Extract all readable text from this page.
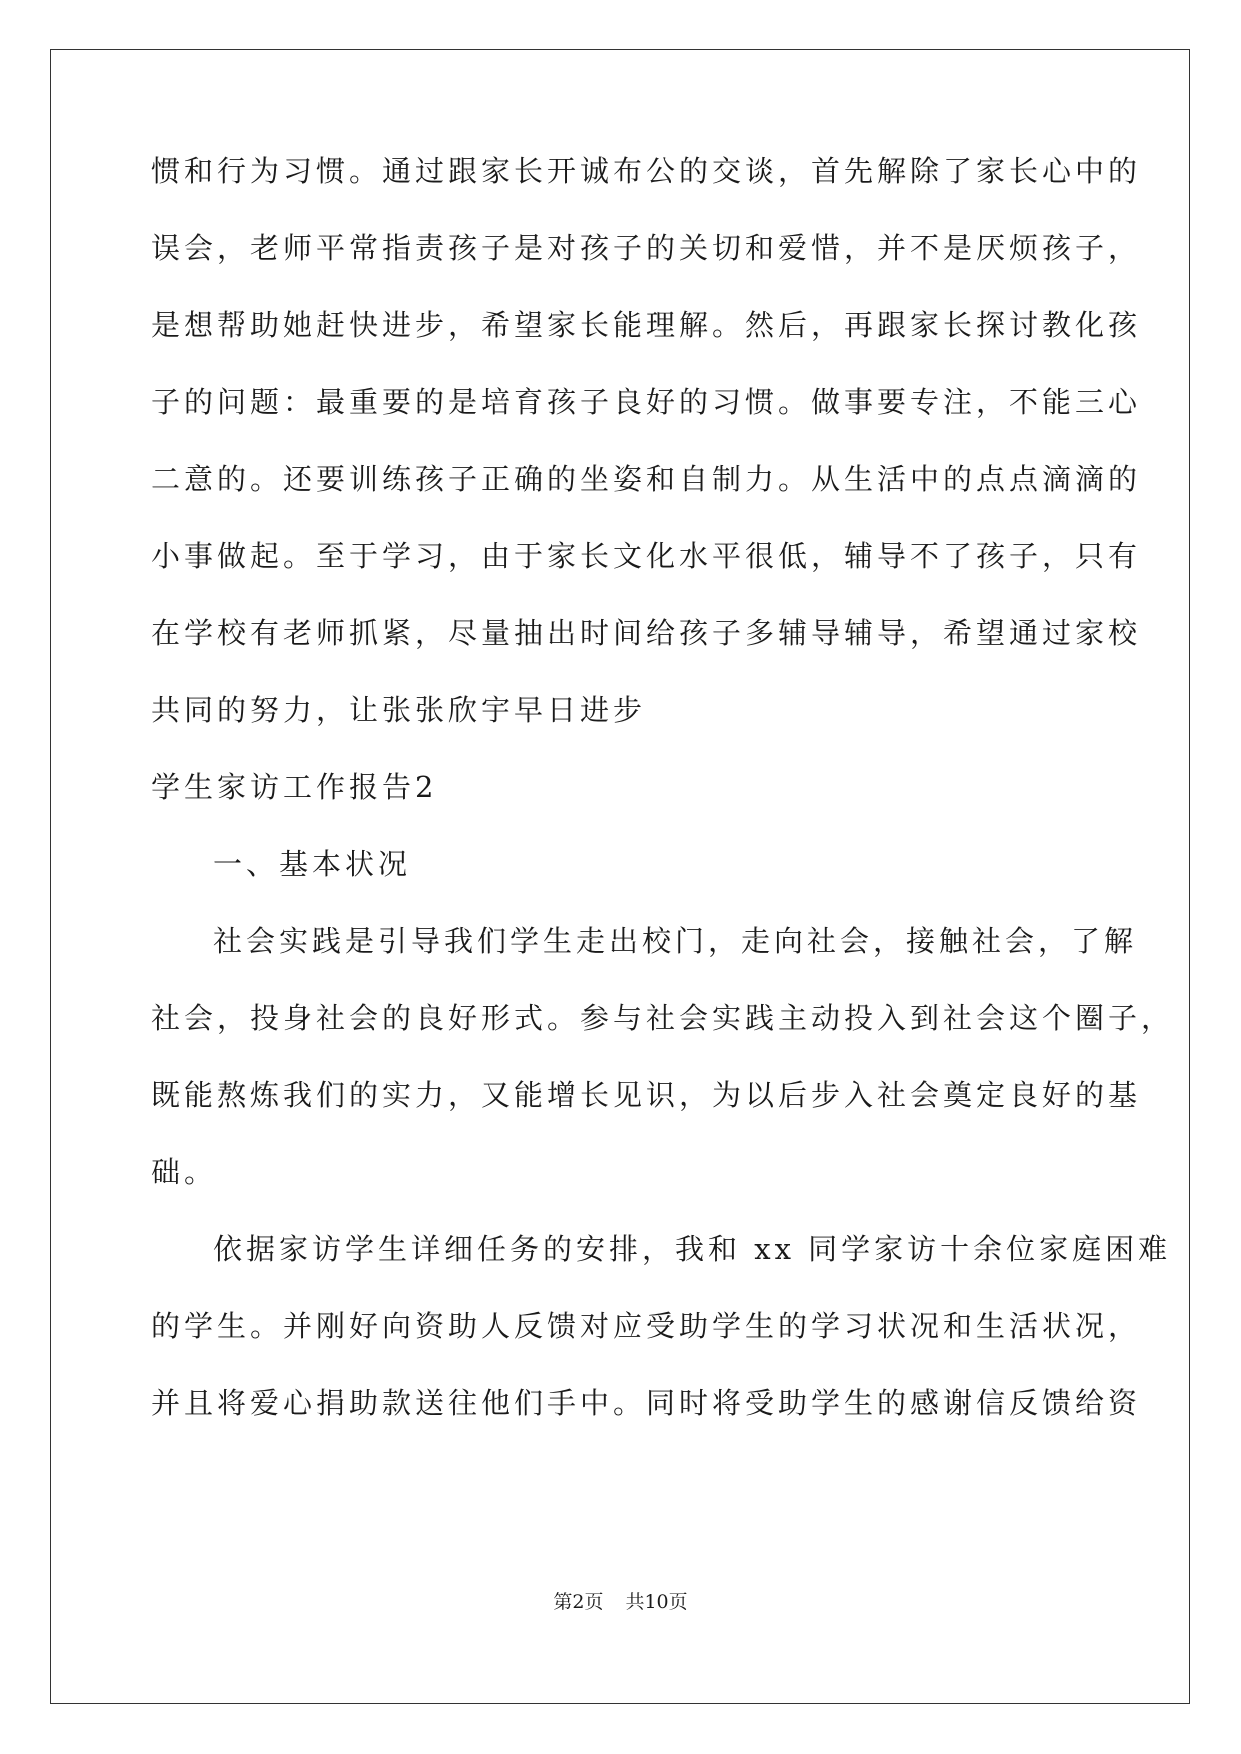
惯和行为习惯。通过跟家长开诚布公的交谈，首先解除了家长心中的
误会，老师平常指责孩子是对孩子的关切和爱惜，并不是厌烦孩子，
是想帮助她赶快进步，希望家长能理解。然后，再跟家长探讨教化孩
子的问题：最重要的是培育孩子良好的习惯。做事要专注，不能三心
二意的。还要训练孩子正确的坐姿和自制力。从生活中的点点滴滴的
小事做起。至于学习，由于家长文化水平很低，辅导不了孩子，只有
在学校有老师抓紧，尽量抽出时间给孩子多辅导辅导，希望通过家校
共同的努力，让张张欣宇早日进步
学生家访工作报告2
一、基本状况
社会实践是引导我们学生走出校门，走向社会，接触社会，了解
社会，投身社会的良好形式。参与社会实践主动投入到社会这个圈子，
既能熬炼我们的实力，又能增长见识，为以后步入社会奠定良好的基
础。
依据家访学生详细任务的安排，我和 xx 同学家访十余位家庭困难
的学生。并刚好向资助人反馈对应受助学生的学习状况和生活状况，
并且将爱心捐助款送往他们手中。同时将受助学生的感谢信反馈给资
第2页 共10页
